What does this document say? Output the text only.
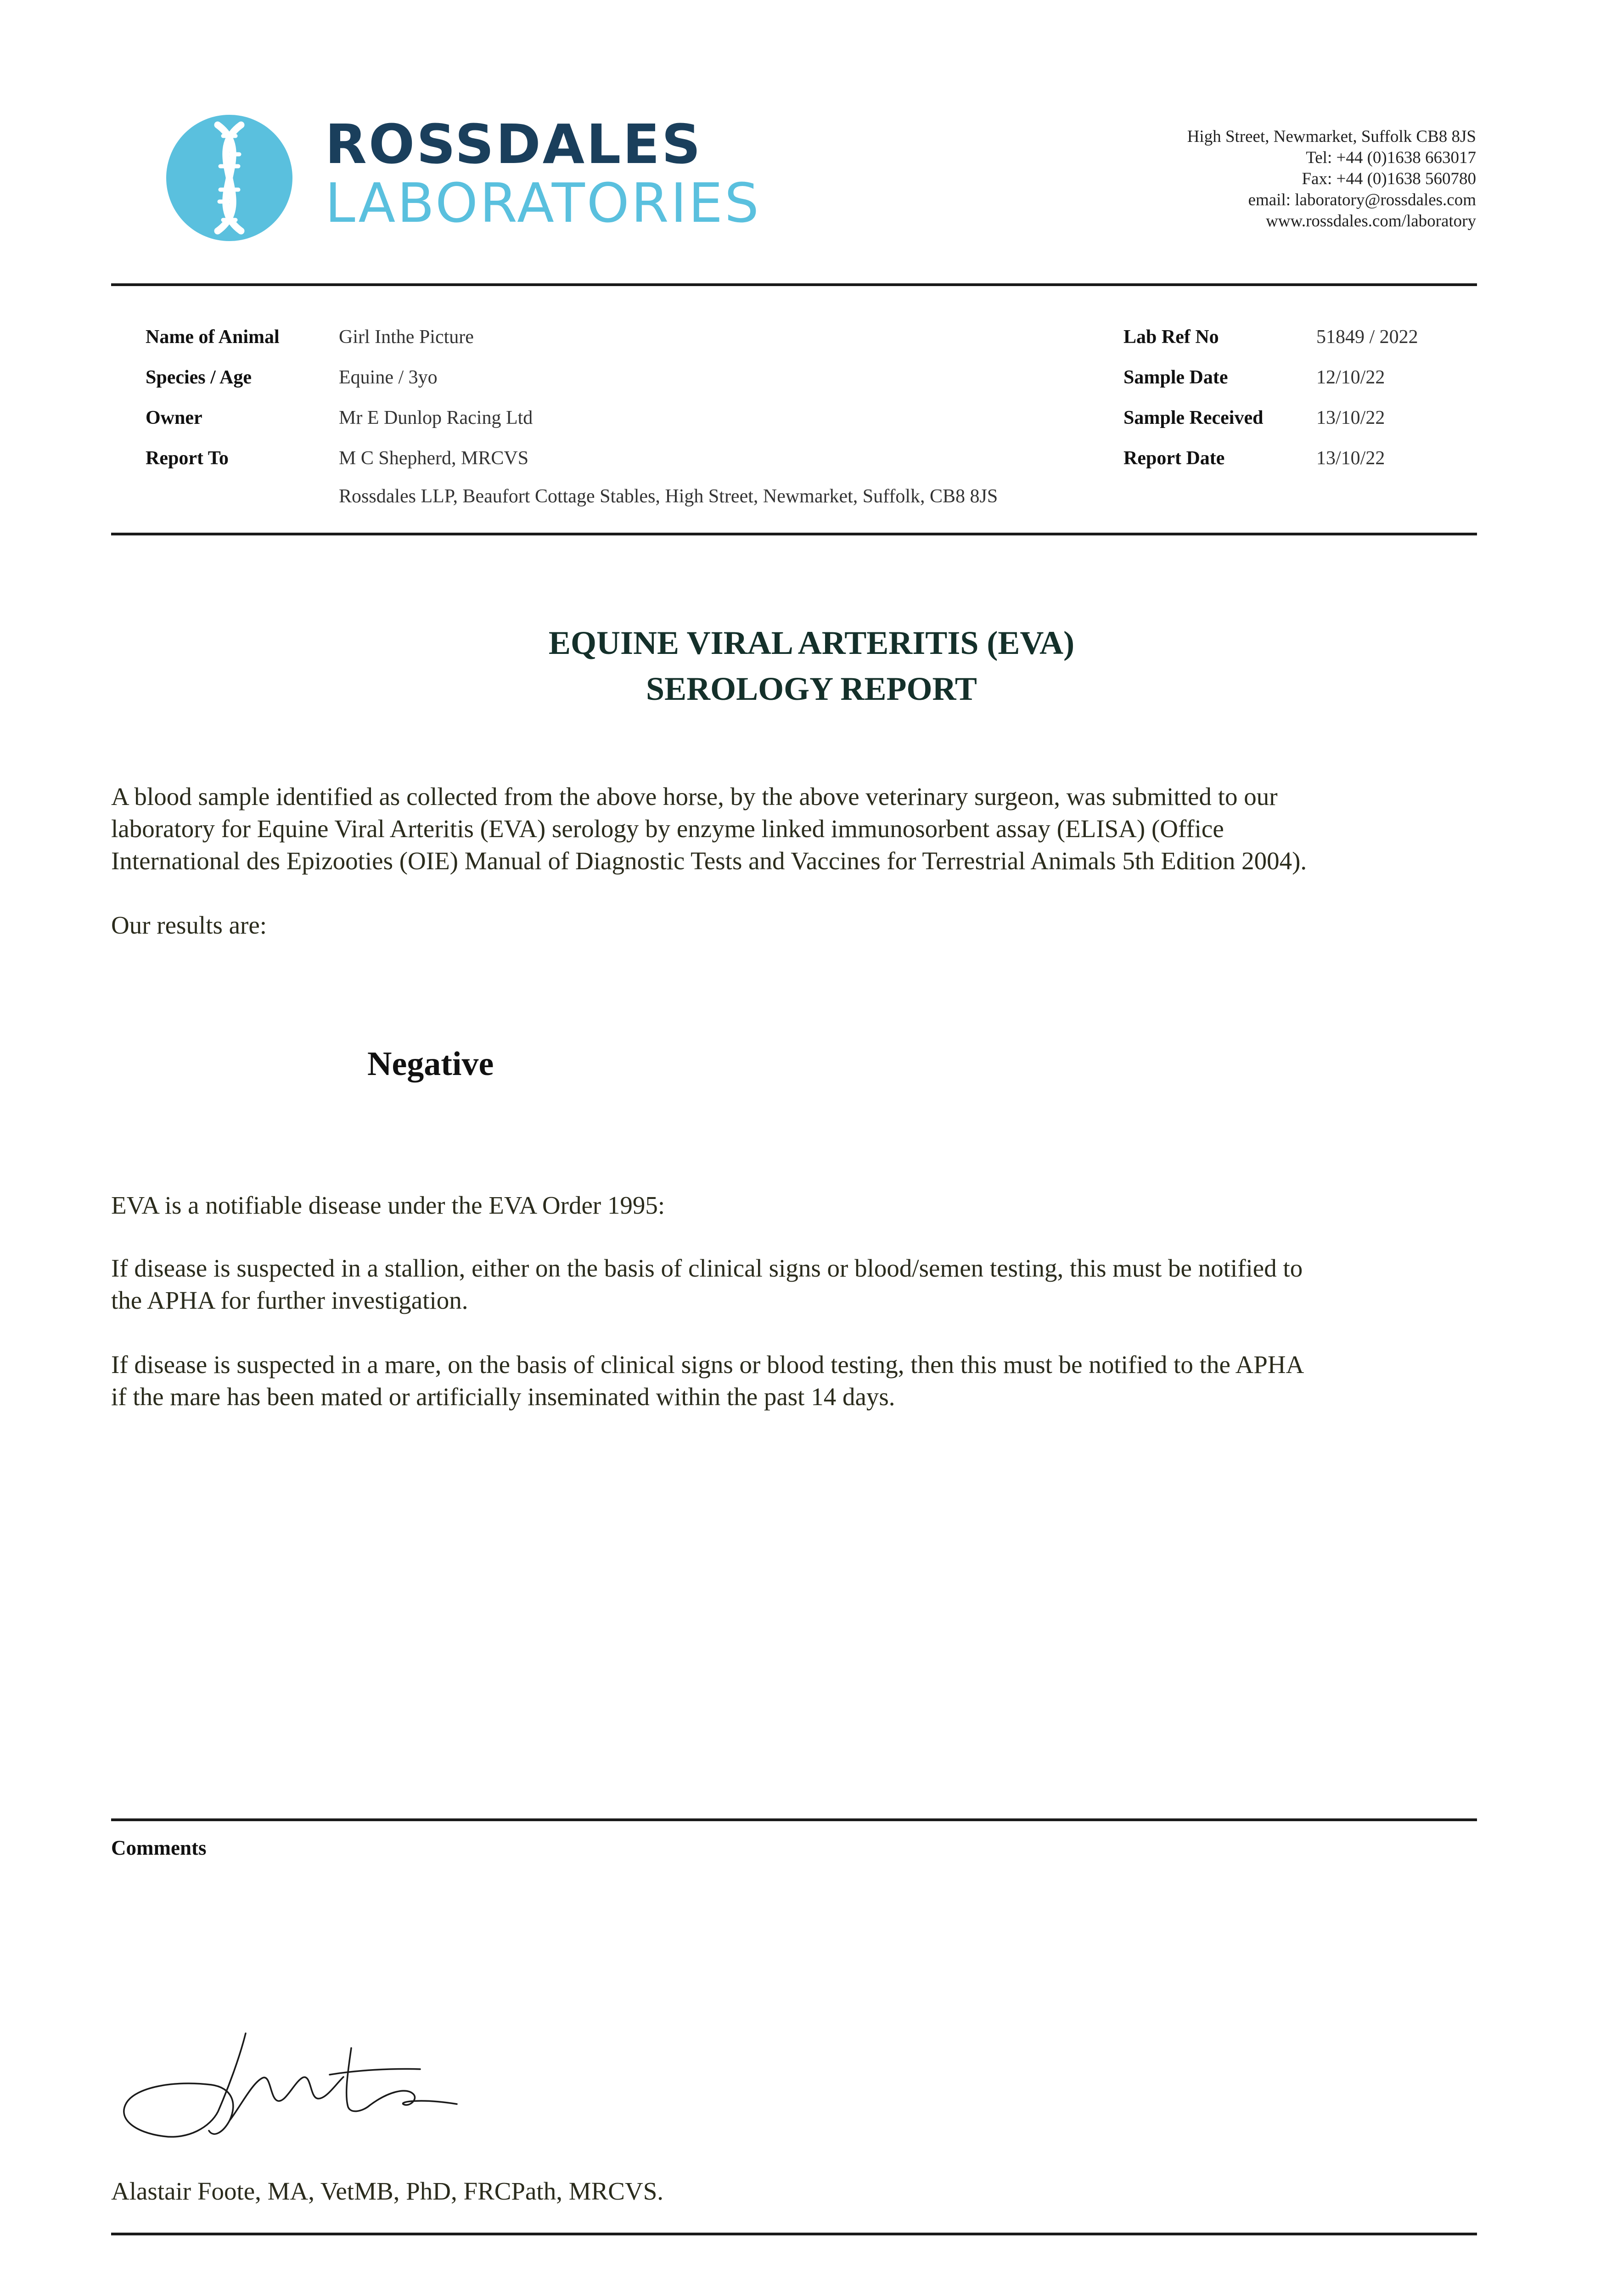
ROSSDALES
LABORATORIES
High Street, Newmarket, Suffolk CB8 8JS
Tel: +44 (0)1638 663017
Fax: +44 (0)1638 560780
email: laboratory@rossdales.com
www.rossdales.com/laboratory
Name of Animal
Species / Age
Owner
Report To
Girl Inthe Picture
Equine / 3yo
Mr E Dunlop Racing Ltd
M C Shepherd, MRCVS
Rossdales LLP, Beaufort Cottage Stables, High Street, Newmarket, Suffolk, CB8 8JS
Lab Ref No
Sample Date
Sample Received
Report Date
51849 / 2022
12/10/22
13/10/22
13/10/22
EQUINE VIRAL ARTERITIS (EVA)
SEROLOGY REPORT

A blood sample identified as collected from the above horse, by the above veterinary surgeon, was submitted to our

laboratory for Equine Viral Arteritis (EVA) serology by enzyme linked immunosorbent assay (ELISA) (Office

International des Epizooties (OIE) Manual of Diagnostic Tests and Vaccines for Terrestrial Animals 5th Edition 2004).

Our results are:
Negative
EVA is a notifiable disease under the EVA Order 1995:

If disease is suspected in a stallion, either on the basis of clinical signs or blood/semen testing, this must be notified to

the APHA for further investigation.

If disease is suspected in a mare, on the basis of clinical signs or blood testing, then this must be notified to the APHA

if the mare has been mated or artificially inseminated within the past 14 days.

Comments
Alastair Foote, MA, VetMB, PhD, FRCPath, MRCVS.
